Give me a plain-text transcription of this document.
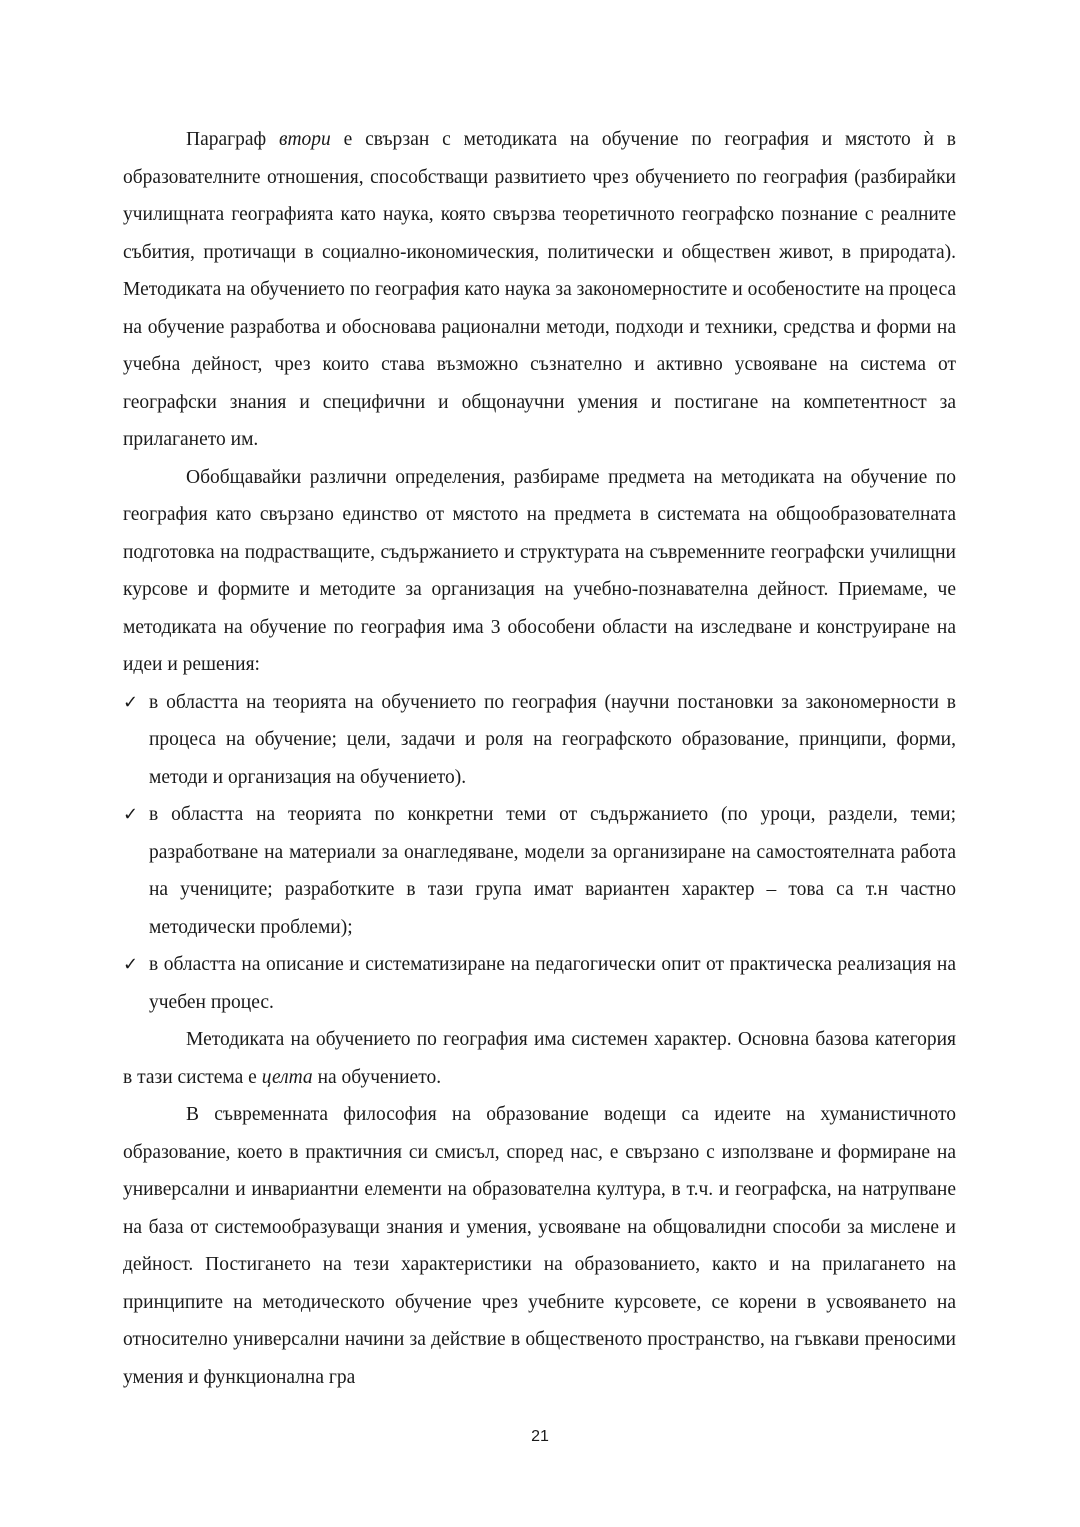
Параграф втори е свързан с методиката на обучение по география и мястото ѝ в образователните отношения, способстващи развитието чрез обучението по география (разбирайки училищната географията като наука, която свързва теоретичното географско познание с реалните събития, протичащи в социално-икономическия, политически и обществен живот, в природата). Методиката на обучението по география като наука за закономерностите и особеностите на процеса на обучение разработва и обосновава рационални методи, подходи и техники, средства и форми на учебна дейност, чрез които става възможно съзнателно и активно усвояване на система от географски знания и специфични и общонаучни умения и постигане на компетентност за прилагането им.

Обобщавайки различни определения, разбираме предмета на методиката на обучение по география като свързано единство от мястото на предмета в системата на общообразователната подготовка на подрастващите, съдържанието и структурата на съвременните географски училищни курсове и формите и методите за организация на учебно-познавателна дейност. Приемаме, че методиката на обучение по география има 3 обособени области на изследване и конструиране на идеи и решения:

✓ в областта на теорията на обучението по география (научни постановки за закономерности в процеса на обучение; цели, задачи и роля на географското образование, принципи, форми, методи и организация на обучението).
✓ в областта на теорията по конкретни теми от съдържанието (по уроци, раздели, теми; разработване на материали за онагледяване, модели за организиране на самостоятелната работа на учениците; разработките в тази група имат вариантен характер – това са т.н частно методически проблеми);
✓ в областта на описание и систематизиране на педагогически опит от практическа реализация на учебен процес.

Методиката на обучението по география има системен характер. Основна базова категория в тази система е целта на обучението.

В съвременната философия на образование водещи са идеите на хуманистичното образование, което в практичния си смисъл, според нас, е свързано с използване и формиране на универсални и инвариантни елементи на образователна култура, в т.ч. и географска, на натрупване на база от системообразуващи знания и умения, усвояване на общовалидни способи за мислене и дейност. Постигането на тези характеристики на образованието, както и на прилагането на принципите на методическото обучение чрез учебните курсовете, се корени в усвояването на относително универсални начини за действие в общественото пространство, на гъвкави преносими умения и функционална гра

21
